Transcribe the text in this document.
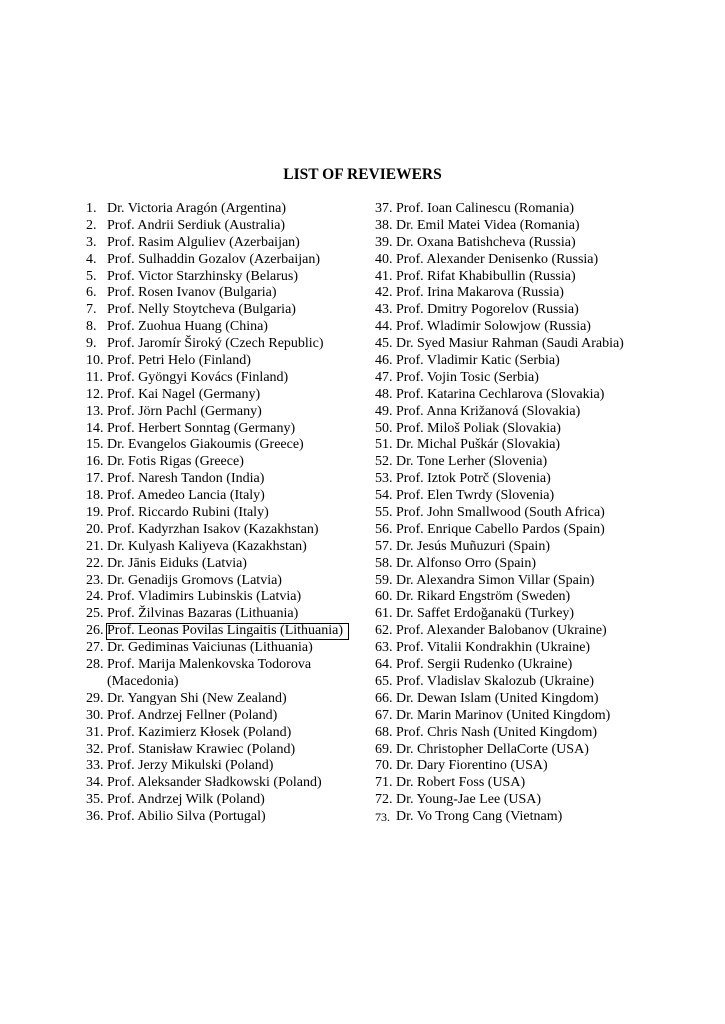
LIST OF REVIEWERS
1. Dr. Victoria Aragón (Argentina)
2. Prof. Andrii Serdiuk (Australia)
3. Prof. Rasim Alguliev (Azerbaijan)
4. Prof. Sulhaddin Gozalov (Azerbaijan)
5. Prof. Victor Starzhinsky (Belarus)
6. Prof. Rosen Ivanov (Bulgaria)
7. Prof. Nelly Stoytcheva (Bulgaria)
8. Prof. Zuohua Huang (China)
9. Prof. Jaromír Široký (Czech Republic)
10. Prof. Petri Helo (Finland)
11. Prof. Gyöngyi Kovács (Finland)
12. Prof. Kai Nagel (Germany)
13. Prof. Jörn Pachl (Germany)
14. Prof. Herbert Sonntag (Germany)
15. Dr. Evangelos Giakoumis (Greece)
16. Dr. Fotis Rigas (Greece)
17. Prof. Naresh Tandon (India)
18. Prof. Amedeo Lancia (Italy)
19. Prof. Riccardo Rubini (Italy)
20. Prof. Kadyrzhan Isakov (Kazakhstan)
21. Dr. Kulyash Kaliyeva (Kazakhstan)
22. Dr. Jānis Eiduks (Latvia)
23. Dr. Genadijs Gromovs (Latvia)
24. Prof. Vladimirs Lubinskis (Latvia)
25. Prof. Žilvinas Bazaras (Lithuania)
26. Prof. Leonas Povilas Lingaitis (Lithuania)
27. Dr. Gediminas Vaiciunas (Lithuania)
28. Prof. Marija Malenkovska Todorova
(Macedonia)
29. Dr. Yangyan Shi (New Zealand)
30. Prof. Andrzej Fellner (Poland)
31. Prof. Kazimierz Kłosek (Poland)
32. Prof. Stanisław Krawiec (Poland)
33. Prof. Jerzy Mikulski (Poland)
34. Prof. Aleksander Sładkowski (Poland)
35. Prof. Andrzej Wilk (Poland)
36. Prof. Abilio Silva (Portugal)
37. Prof. Ioan Calinescu (Romania)
38. Dr. Emil Matei Videa (Romania)
39. Dr. Oxana Batishcheva (Russia)
40. Prof. Alexander Denisenko (Russia)
41. Prof. Rifat Khabibullin (Russia)
42. Prof. Irina Makarova (Russia)
43. Prof. Dmitry Pogorelov (Russia)
44. Prof. Wladimir Solowjow (Russia)
45. Dr. Syed Masiur Rahman (Saudi Arabia)
46. Prof. Vladimir Katic (Serbia)
47. Prof. Vojin Tosic (Serbia)
48. Prof. Katarina Cechlarova (Slovakia)
49. Prof. Anna Križanová (Slovakia)
50. Prof. Miloš Poliak (Slovakia)
51. Dr. Michal Puškár (Slovakia)
52. Dr. Tone Lerher (Slovenia)
53. Prof. Iztok Potrč (Slovenia)
54. Prof. Elen Twrdy (Slovenia)
55. Prof. John Smallwood (South Africa)
56. Prof. Enrique Cabello Pardos (Spain)
57. Dr. Jesús Muñuzuri (Spain)
58. Dr. Alfonso Orro (Spain)
59. Dr. Alexandra Simon Villar (Spain)
60. Dr. Rikard Engström (Sweden)
61. Dr. Saffet Erdoğanakü (Turkey)
62. Prof. Alexander Balobanov (Ukraine)
63. Prof. Vitalii Kondrakhin (Ukraine)
64. Prof. Sergii Rudenko (Ukraine)
65. Prof. Vladislav Skalozub (Ukraine)
66. Dr. Dewan Islam (United Kingdom)
67. Dr. Marin Marinov (United Kingdom)
68. Prof. Chris Nash (United Kingdom)
69. Dr. Christopher DellaCorte (USA)
70. Dr. Dary Fiorentino (USA)
71. Dr. Robert Foss (USA)
72. Dr. Young-Jae Lee (USA)
73. Dr. Vo Trong Cang (Vietnam)
